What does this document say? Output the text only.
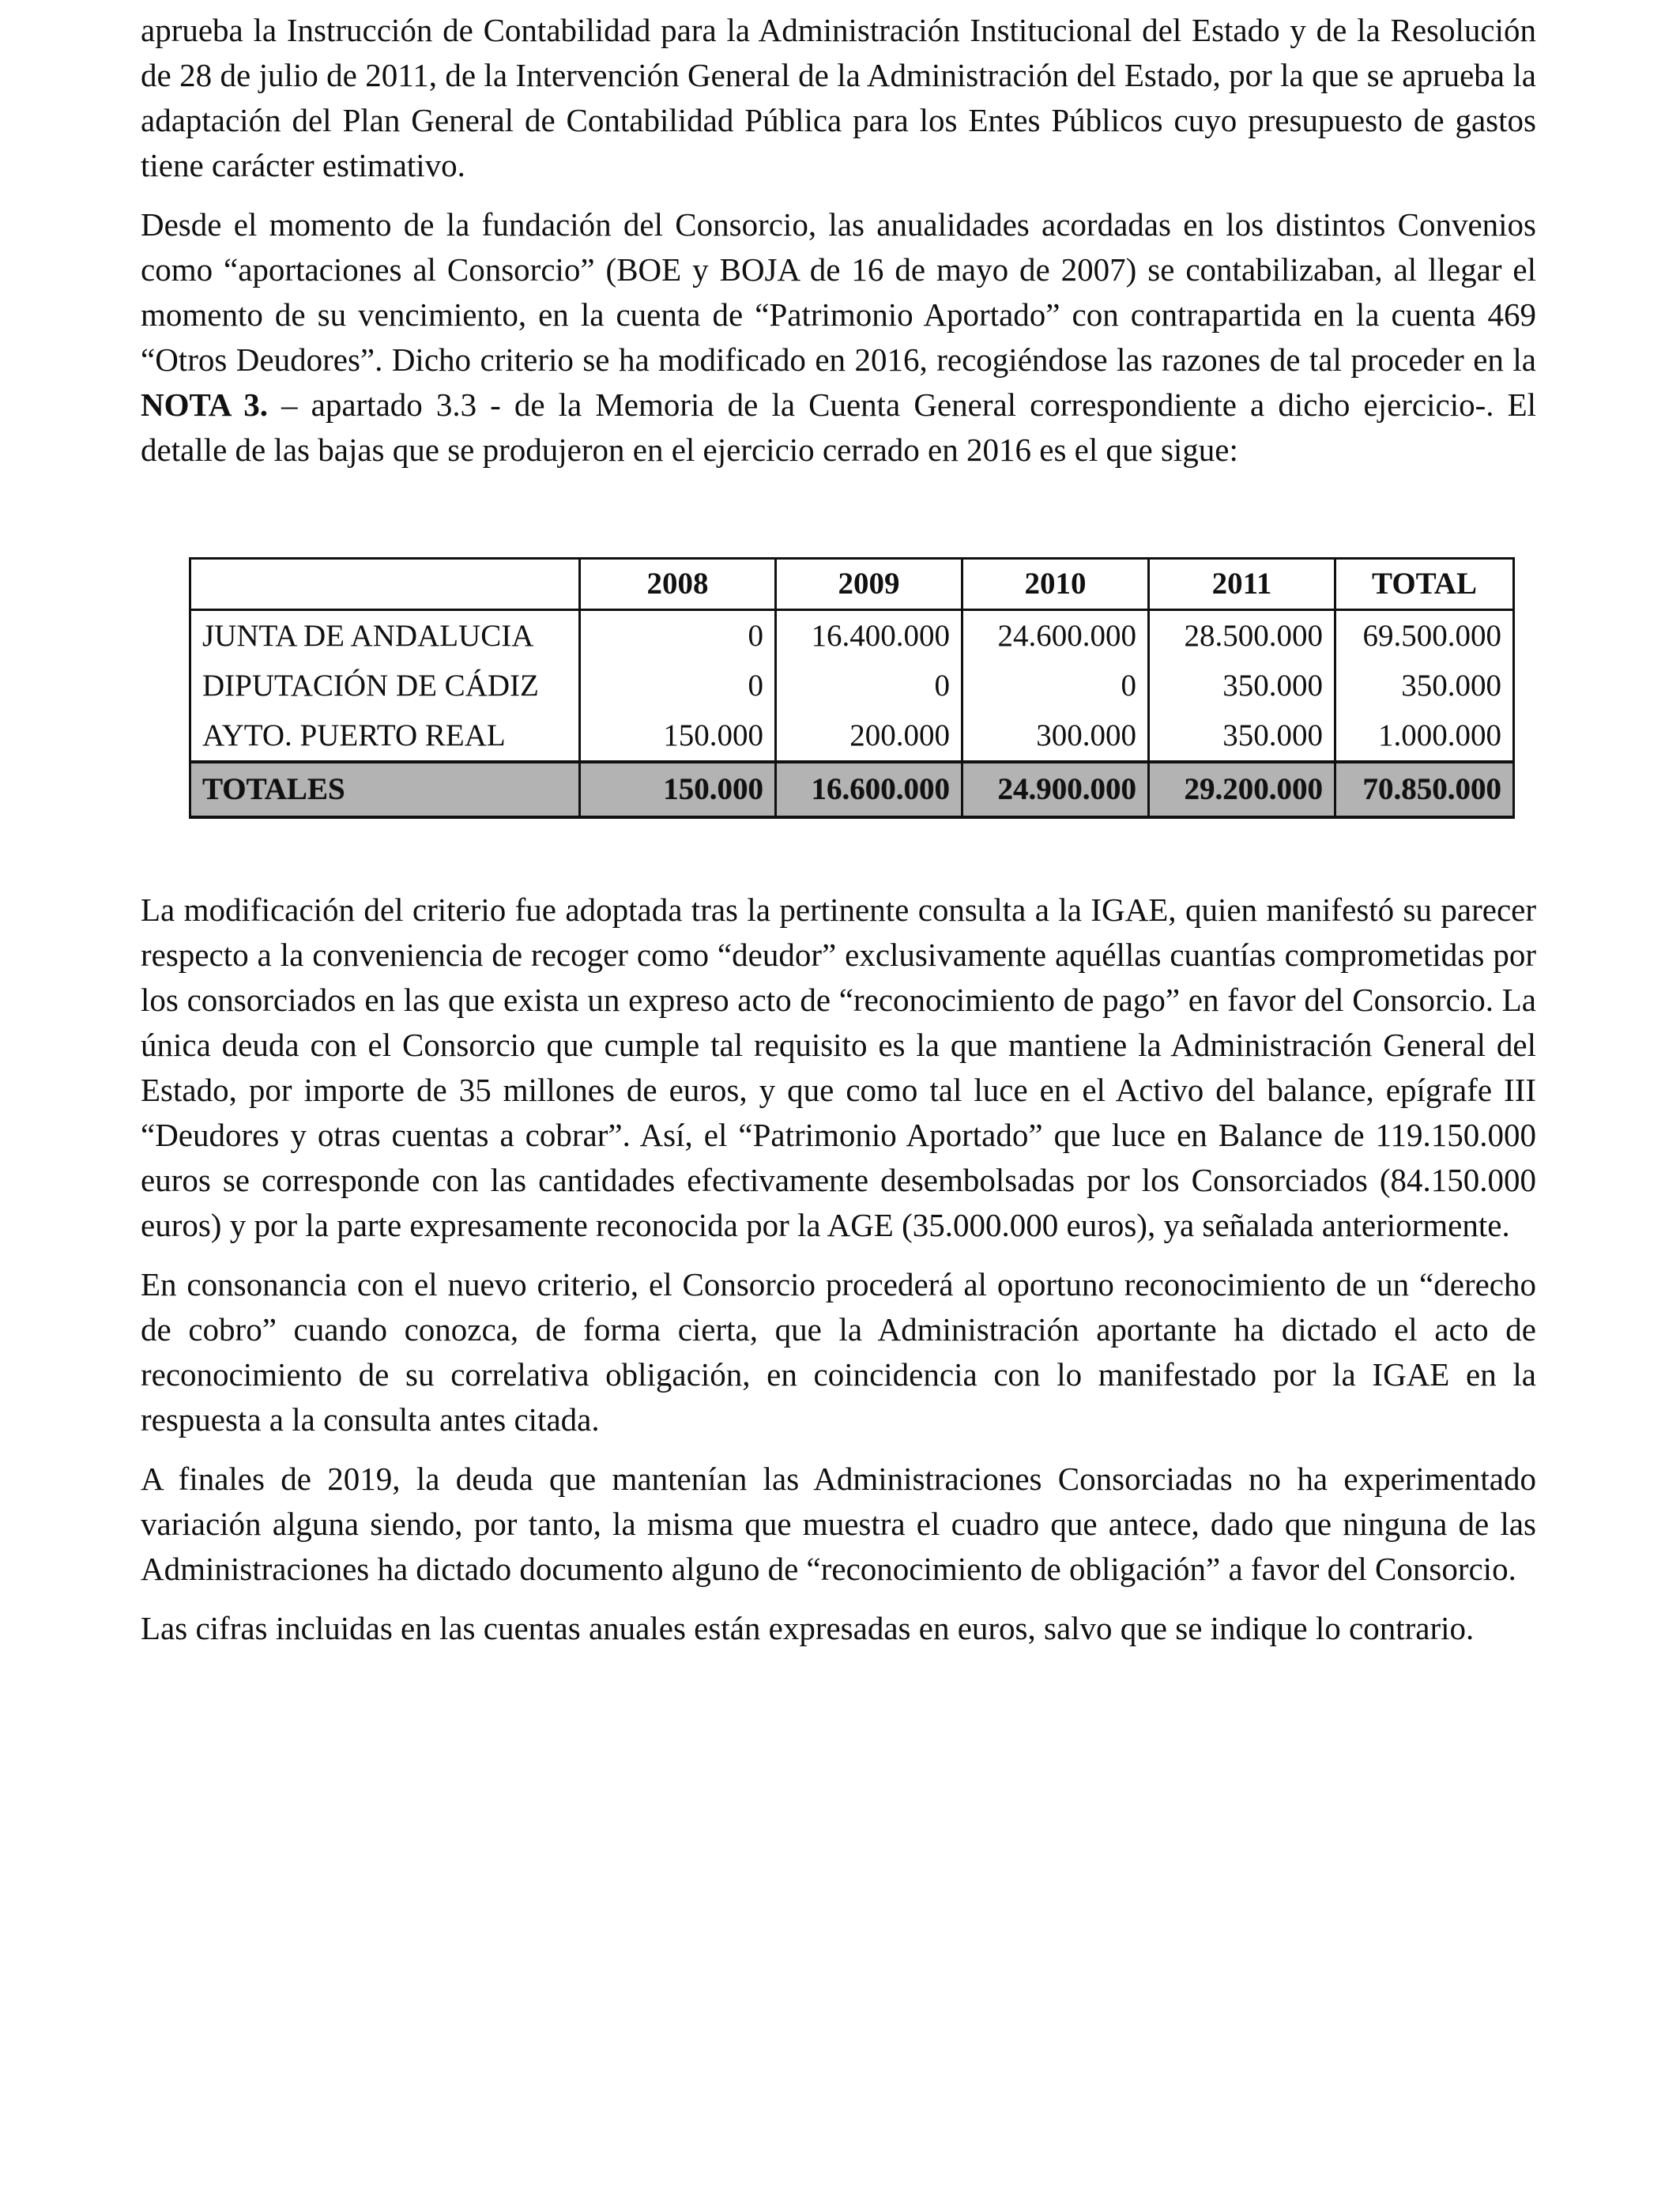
aprueba la Instrucción de Contabilidad para la Administración Institucional del Estado y de la Resolución de 28 de julio de 2011, de la Intervención General de la Administración del Estado, por la que se aprueba la adaptación del Plan General de Contabilidad Pública para los Entes Públicos cuyo presupuesto de gastos tiene carácter estimativo.

Desde el momento de la fundación del Consorcio, las anualidades acordadas en los distintos Convenios como “aportaciones al Consorcio” (BOE y BOJA de 16 de mayo de 2007) se contabilizaban, al llegar el momento de su vencimiento, en la cuenta de “Patrimonio Aportado” con contrapartida en la cuenta 469 “Otros Deudores”. Dicho criterio se ha modificado en 2016, recogiéndose las razones de tal proceder en la NOTA 3. – apartado 3.3 - de la Memoria de la Cuenta General correspondiente a dicho ejercicio-. El detalle de las bajas que se produjeron en el ejercicio cerrado en 2016 es el que sigue:

	2008	2009	2010	2011	TOTAL
JUNTA DE ANDALUCIA	0	16.400.000	24.600.000	28.500.000	69.500.000
DIPUTACIÓN DE CÁDIZ	0	0	0	350.000	350.000
AYTO. PUERTO REAL	150.000	200.000	300.000	350.000	1.000.000
TOTALES	150.000	16.600.000	24.900.000	29.200.000	70.850.000

La modificación del criterio fue adoptada tras la pertinente consulta a la IGAE, quien manifestó su parecer respecto a la conveniencia de recoger como “deudor” exclusivamente aquéllas cuantías comprometidas por los consorciados en las que exista un expreso acto de “reconocimiento de pago” en favor del Consorcio. La única deuda con el Consorcio que cumple tal requisito es la que mantiene la Administración General del Estado, por importe de 35 millones de euros, y que como tal luce en el Activo del balance, epígrafe III “Deudores y otras cuentas a cobrar”. Así, el “Patrimonio Aportado” que luce en Balance de 119.150.000 euros se corresponde con las cantidades efectivamente desembolsadas por los Consorciados (84.150.000 euros) y por la parte expresamente reconocida por la AGE (35.000.000 euros), ya señalada anteriormente.

En consonancia con el nuevo criterio, el Consorcio procederá al oportuno reconocimiento de un “derecho de cobro” cuando conozca, de forma cierta, que la Administración aportante ha dictado el acto de reconocimiento de su correlativa obligación, en coincidencia con lo manifestado por la IGAE en la respuesta a la consulta antes citada.

A finales de 2019, la deuda que mantenían las Administraciones Consorciadas no ha experimentado variación alguna siendo, por tanto, la misma que muestra el cuadro que antece, dado que ninguna de las Administraciones ha dictado documento alguno de “reconocimiento de obligación” a favor del Consorcio.

Las cifras incluidas en las cuentas anuales están expresadas en euros, salvo que se indique lo contrario.
